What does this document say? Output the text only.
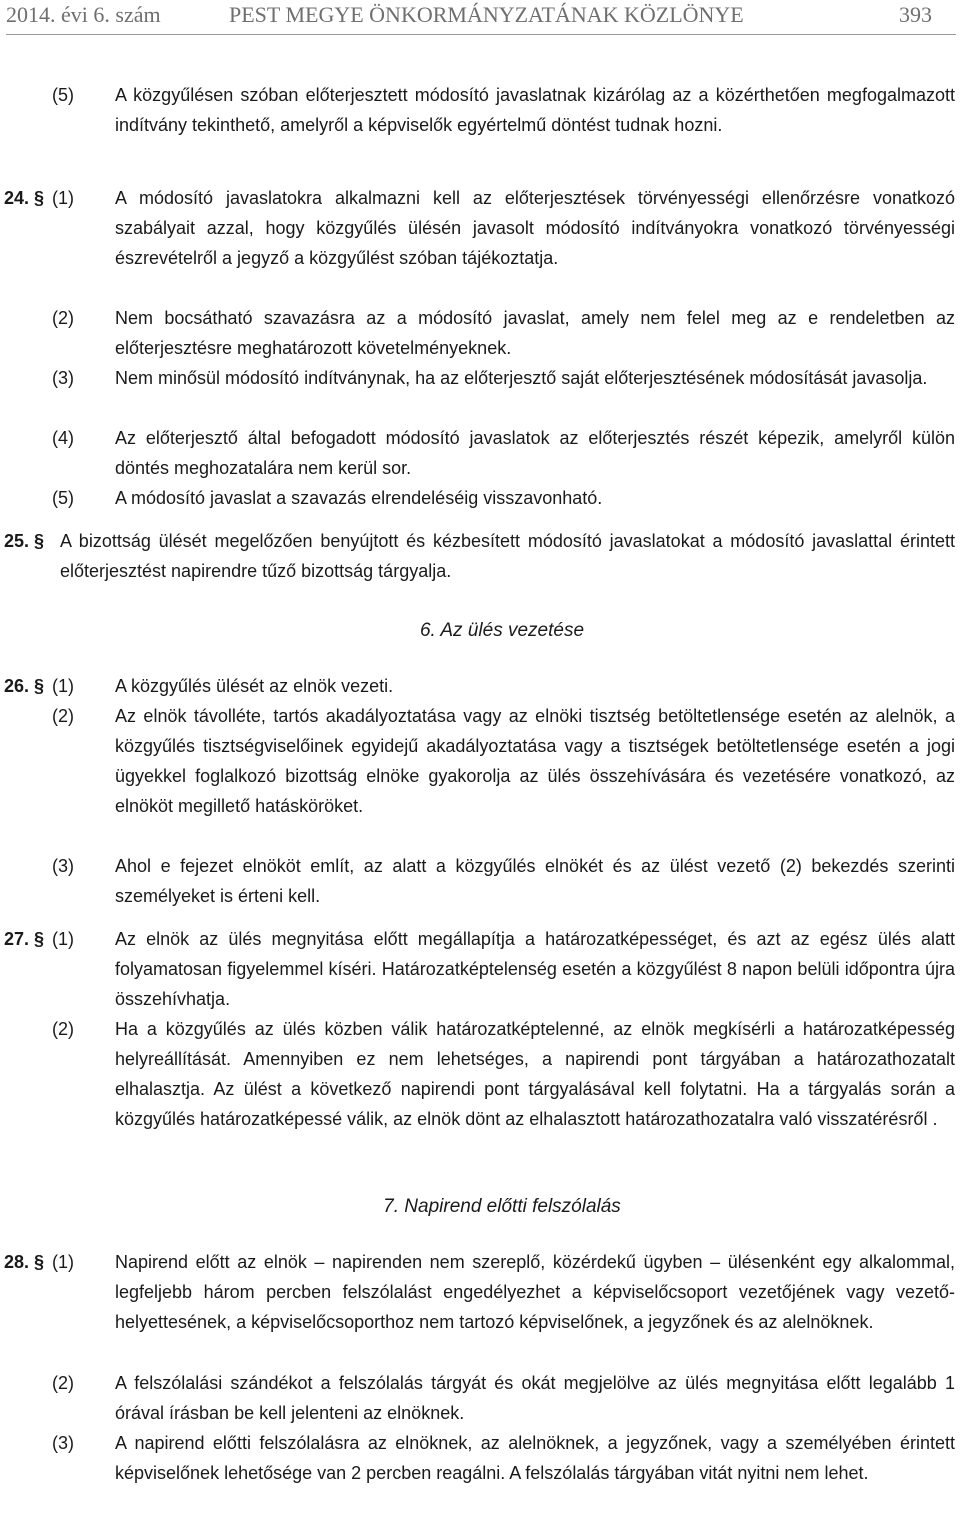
2014. évi 6. szám	PEST MEGYE ÖNKORMÁNYZATÁNAK KÖZLÖNYE	393
(5) A közgyűlésen szóban előterjesztett módosító javaslatnak kizárólag az a közérthetően megfogalmazott indítvány tekinthető, amelyről a képviselők egyértelmű döntést tudnak hozni.
24. § (1) A módosító javaslatokra alkalmazni kell az előterjesztések törvényességi ellenőrzésre vonatkozó szabályait azzal, hogy közgyűlés ülésén javasolt módosító indítványokra vonatkozó törvényességi észrevételről a jegyző a közgyűlést szóban tájékoztatja.
(2) Nem bocsátható szavazásra az a módosító javaslat, amely nem felel meg az e rendeletben az előterjesztésre meghatározott követelményeknek.
(3) Nem minősül módosító indítványnak, ha az előterjesztő saját előterjesztésének módosítását javasolja.
(4) Az előterjesztő által befogadott módosító javaslatok az előterjesztés részét képezik, amelyről külön döntés meghozatalára nem kerül sor.
(5) A módosító javaslat a szavazás elrendeléséig visszavonható.
25. § A bizottság ülését megelőzően benyújtott és kézbesített módosító javaslatokat a módosító javaslattal érintett előterjesztést napirendre tűző bizottság tárgyalja.
6. Az ülés vezetése
26. § (1) A közgyűlés ülését az elnök vezeti.
(2) Az elnök távolléte, tartós akadályoztatása vagy az elnöki tisztség betöltetlensége esetén az alelnök, a közgyűlés tisztségviselőinek egyidejű akadályoztatása vagy a tisztségek betöltetlensége esetén a jogi ügyekkel foglalkozó bizottság elnöke gyakorolja az ülés összehívására és vezetésére vonatkozó, az elnököt megillető hatásköröket.
(3) Ahol e fejezet elnököt említ, az alatt a közgyűlés elnökét és az ülést vezető (2) bekezdés szerinti személyeket is érteni kell.
27. § (1) Az elnök az ülés megnyitása előtt megállapítja a határozatképességet, és azt az egész ülés alatt folyamatosan figyelemmel kíséri. Határozatképtelenség esetén a közgyűlést 8 napon belüli időpontra újra összehívhatja.
(2) Ha a közgyűlés az ülés közben válik határozatképtelenné, az elnök megkísérli a határozatképesség helyreállítását. Amennyiben ez nem lehetséges, a napirendi pont tárgyában a határozathozatalt elhalasztja. Az ülést a következő napirendi pont tárgyalásával kell folytatni. Ha a tárgyalás során a közgyűlés határozatképessé válik, az elnök dönt az elhalasztott határozathozatalra való visszatérésről .
7. Napirend előtti felszólalás
28. § (1) Napirend előtt az elnök – napirenden nem szereplő, közérdekű ügyben – ülésenként egy alkalommal, legfeljebb három percben felszólalást engedélyezhet a képviselőcsoport vezetőjének vagy vezető-helyettesének, a képviselőcsoporthoz nem tartozó képviselőnek, a jegyzőnek és az alelnöknek.
(2) A felszólalási szándékot a felszólalás tárgyát és okát megjelölve az ülés megnyitása előtt legalább 1 órával írásban be kell jelenteni az elnöknek.
(3) A napirend előtti felszólalásra az elnöknek, az alelnöknek, a jegyzőnek, vagy a személyében érintett képviselőnek lehetősége van 2 percben reagálni. A felszólalás tárgyában vitát nyitni nem lehet.
